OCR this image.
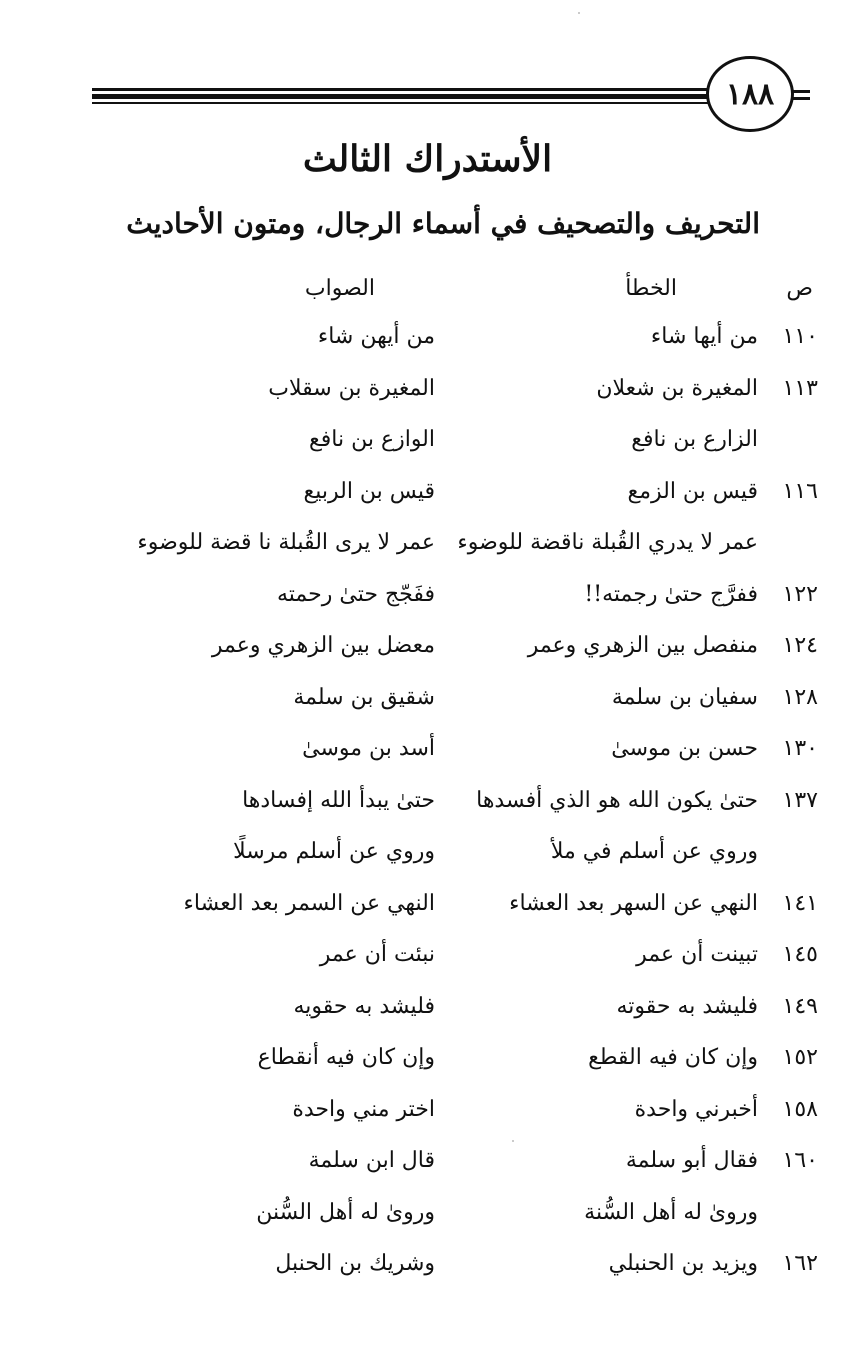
١٨٨
الأستدراك الثالث
التحريف والتصحيف في أسماء الرجال، ومتون الأحاديث
ص
الخطأ
الصواب
١١٠
من أيها شاء
من أيهن شاء
١١٣
المغيرة بن شعلان
المغيرة بن سقلاب
الزارع بن نافع
الوازع بن نافع
١١٦
قيس بن الزمع
قيس بن الربيع
عمر لا يدري القُبلة ناقضة للوضوء
عمر لا يرى القُبلة نا قضة للوضوء
١٢٢
ففرَّج حتىٰ رجمته!!
ففَجّج حتىٰ رحمته
١٢٤
منفصل بين الزهري وعمر
معضل بين الزهري وعمر
١٢٨
سفيان بن سلمة
شقيق بن سلمة
١٣٠
حسن بن موسىٰ
أسد بن موسىٰ
١٣٧
حتىٰ يكون الله هو الذي أفسدها
حتىٰ يبدأ الله إفسادها
وروي عن أسلم في ملأ
وروي عن أسلم مرسلًا
١٤١
النهي عن السهر بعد العشاء
النهي عن السمر بعد العشاء
١٤٥
تبينت أن عمر
نبئت أن عمر
١٤٩
فليشد به حقوته
فليشد به حقويه
١٥٢
وإن كان فيه القطع
وإن كان فيه أنقطاع
١٥٨
أخبرني واحدة
اختر مني واحدة
١٦٠
فقال أبو سلمة
قال ابن سلمة
وروىٰ له أهل السُّنة
وروىٰ له أهل السُّنن
١٦٢
ويزيد بن الحنبلي
وشريك بن الحنبل
